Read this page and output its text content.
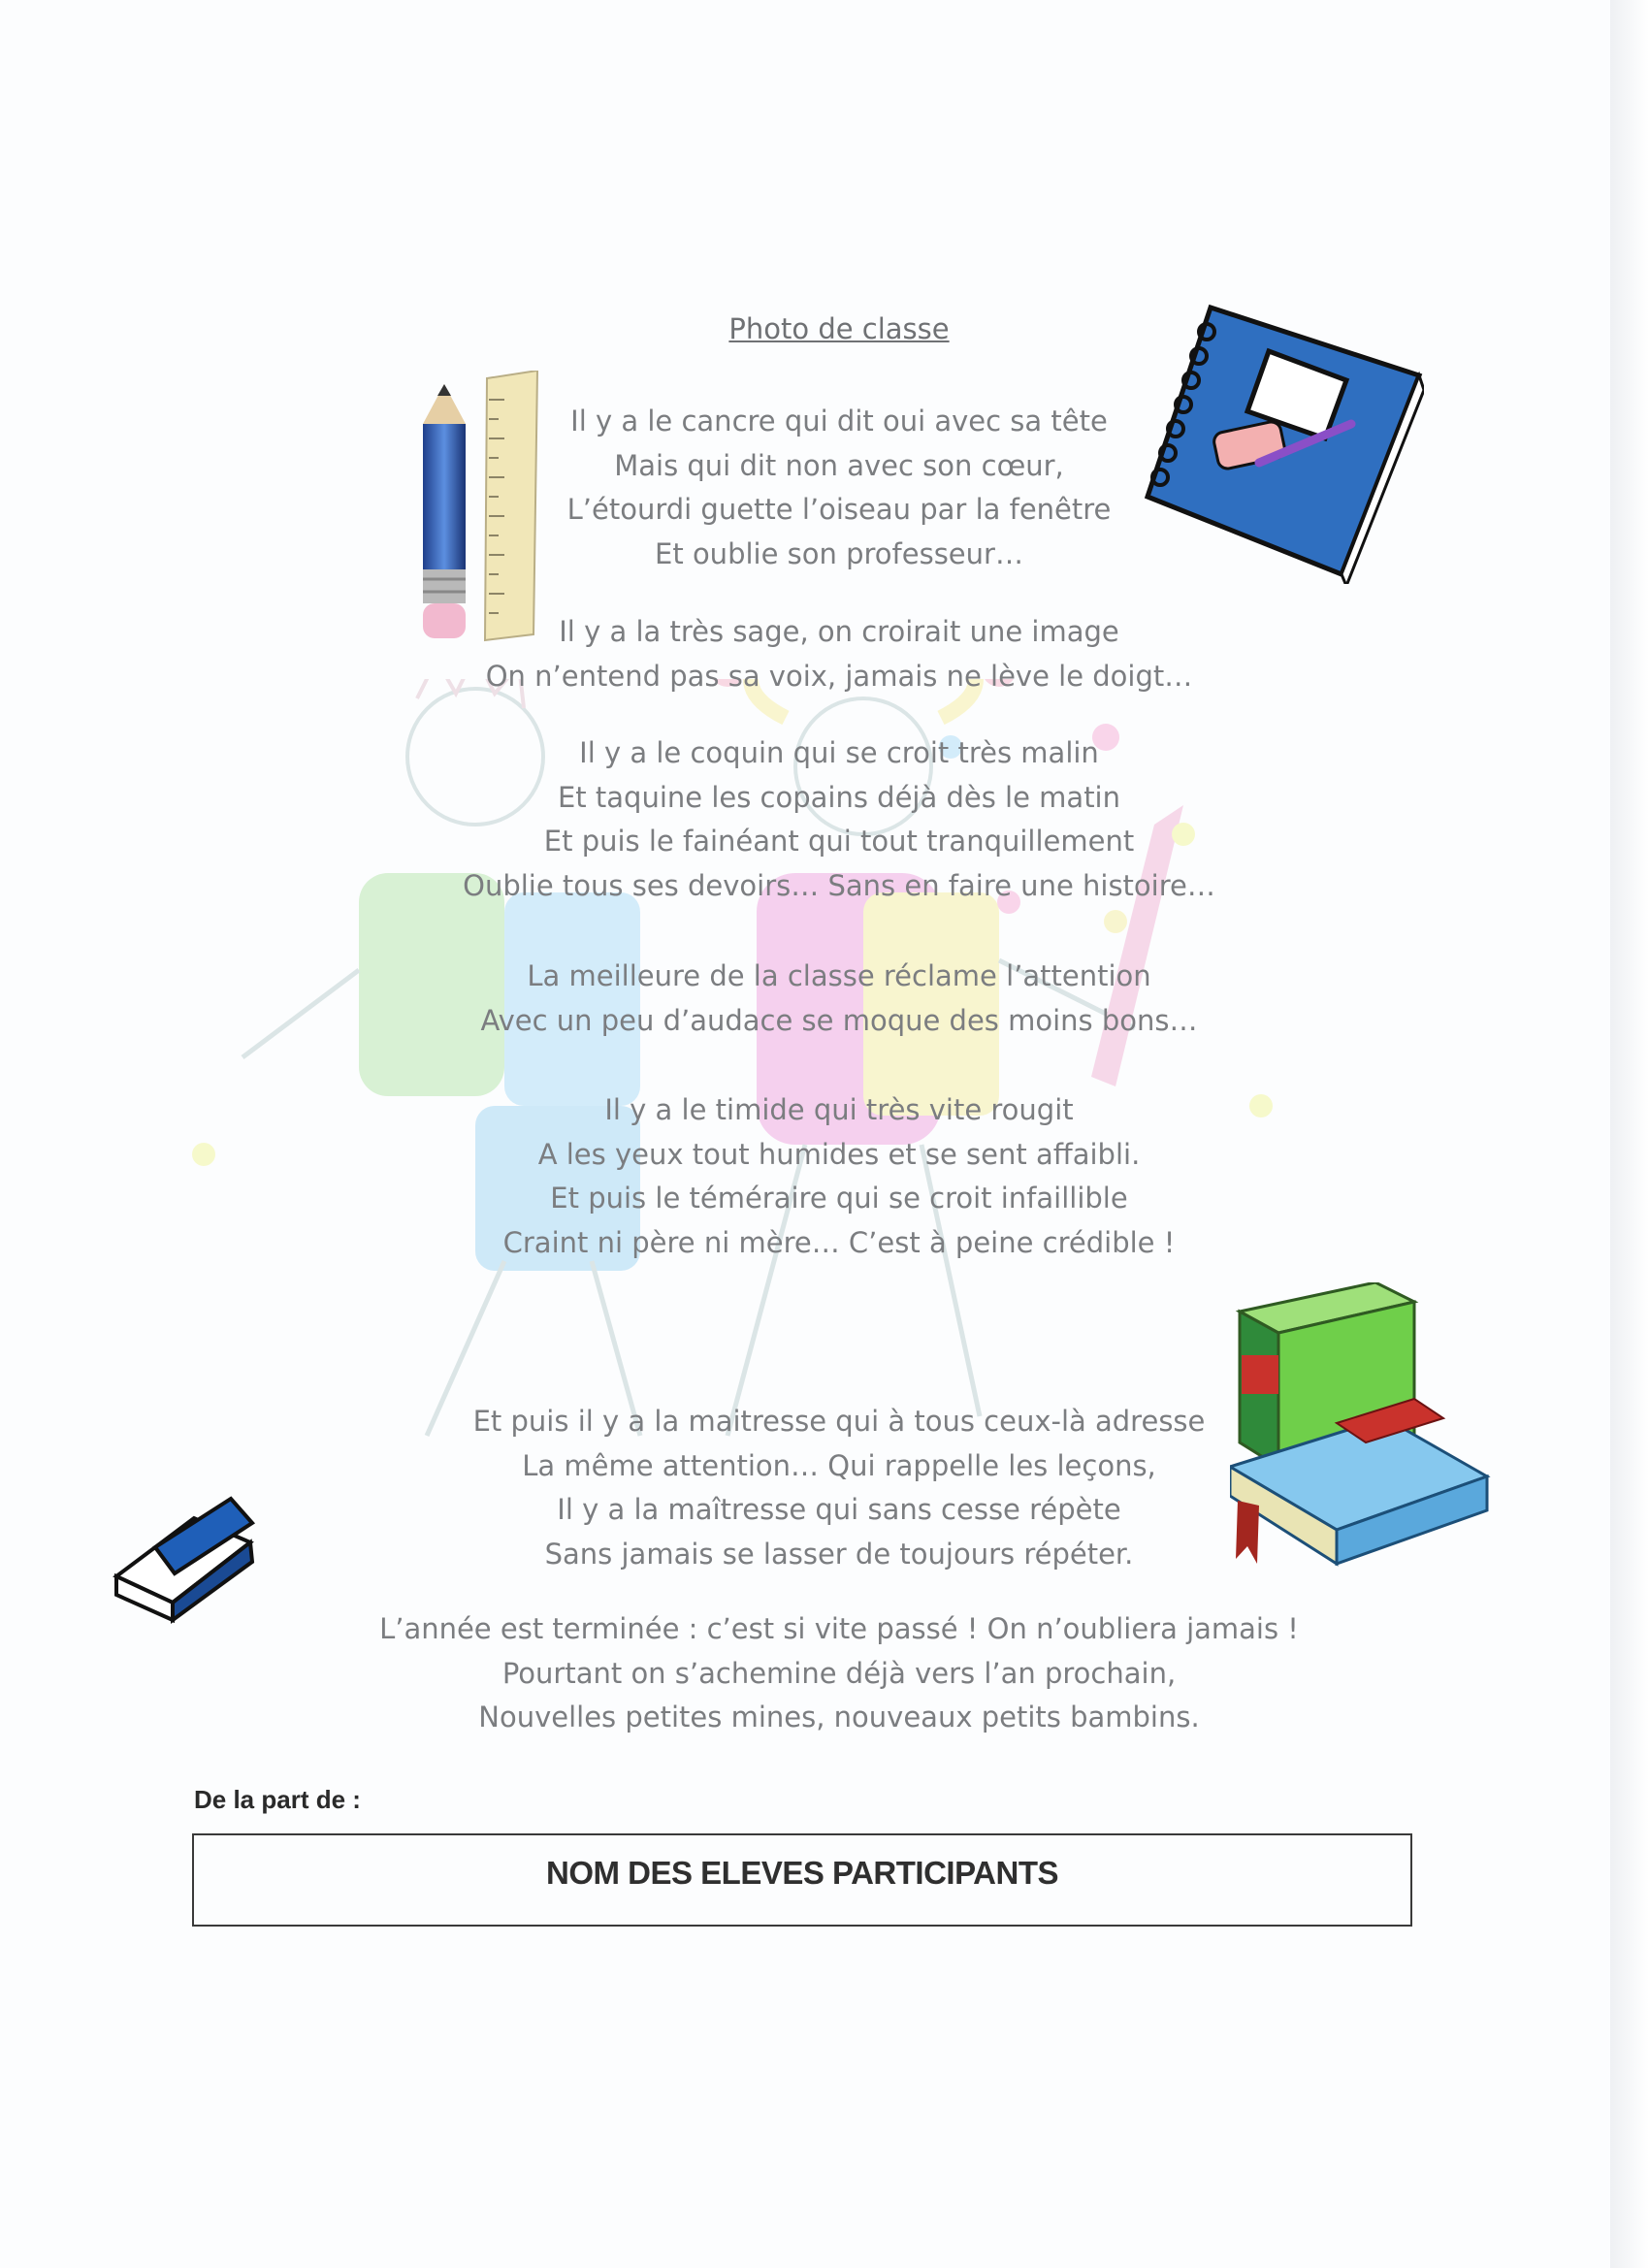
Photo de classe
Il y a le cancre qui dit oui avec sa tête
Mais qui dit non avec son cœur,
L’étourdi guette l’oiseau par la fenêtre
Et oublie son professeur…
Il y a la très sage, on croirait une image
On n’entend pas sa voix, jamais ne lève le doigt…
Il y a le coquin qui se croit très malin
Et taquine les copains déjà dès le matin
Et puis le fainéant qui tout tranquillement
Oublie tous ses devoirs… Sans en faire une histoire…
La meilleure de la classe réclame l’attention
Avec un peu d’audace se moque des moins bons…
Il y a le timide qui très vite rougit
A les yeux tout humides et se sent affaibli.
Et puis le téméraire qui se croit infaillible
Craint ni père ni mère… C’est à peine crédible !
Et puis il y a la maitresse qui à tous ceux-là adresse
La même attention… Qui rappelle les leçons,
Il y a la maîtresse qui sans cesse répète
Sans jamais se lasser de toujours répéter.
L’année est terminée : c’est si vite passé ! On n’oubliera jamais !
Pourtant on s’achemine déjà vers l’an prochain,
Nouvelles petites mines, nouveaux petits bambins.
De la part de :
NOM DES ELEVES PARTICIPANTS
